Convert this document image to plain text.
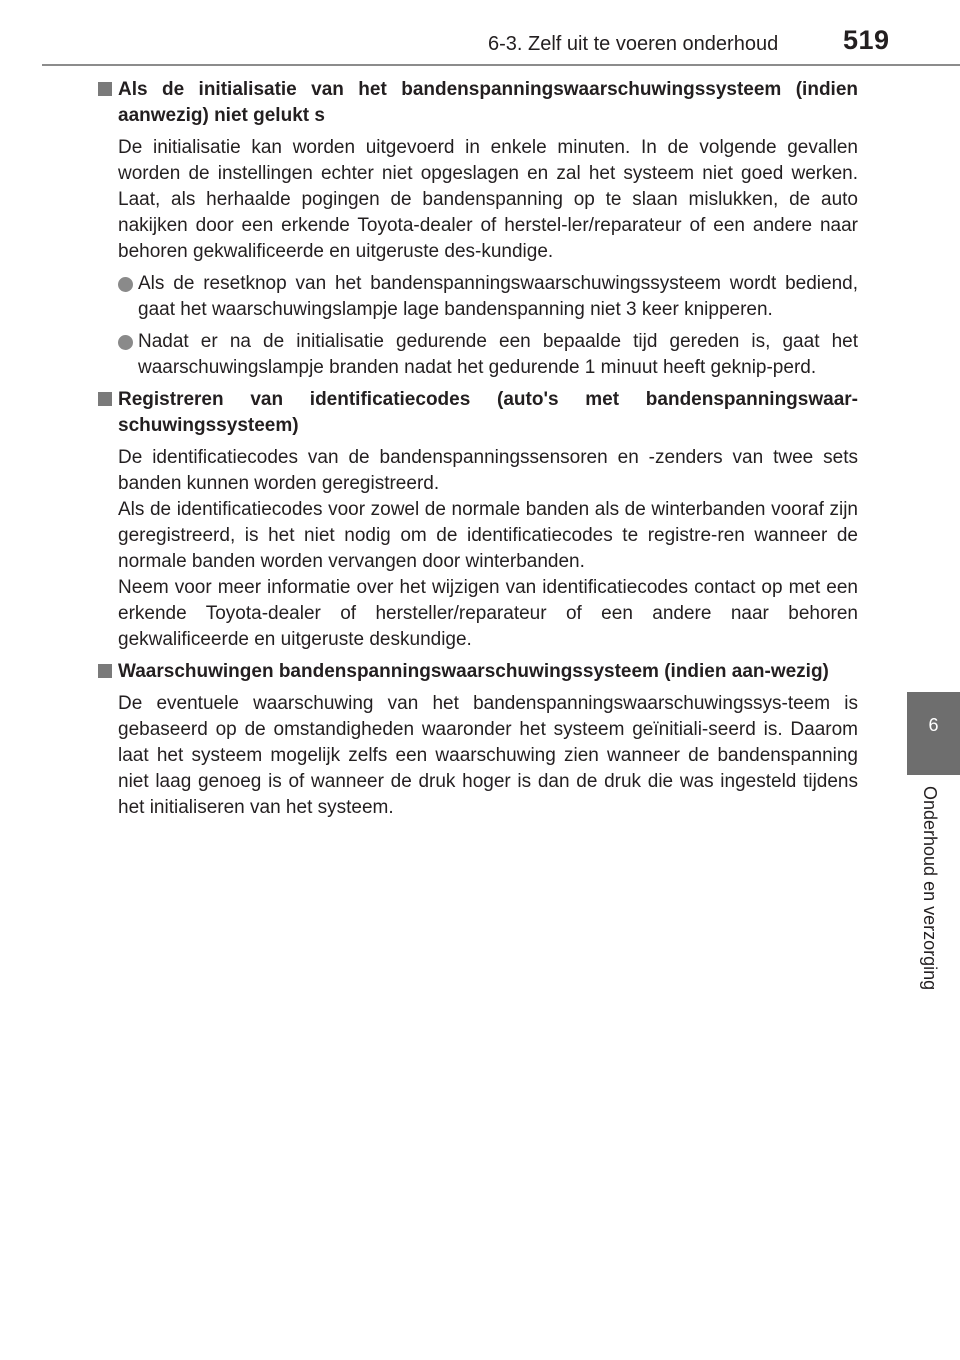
6-3. Zelf uit te voeren onderhoud 519
6
Onderhoud en verzorging
Als de initialisatie van het bandenspanningswaarschuwingssysteem (indien aanwezig) niet gelukt s

De initialisatie kan worden uitgevoerd in enkele minuten. In de volgende gevallen worden de instellingen echter niet opgeslagen en zal het systeem niet goed werken. Laat, als herhaalde pogingen de bandenspanning op te slaan mislukken, de auto nakijken door een erkende Toyota-dealer of herstel-ler/reparateur of een andere naar behoren gekwalificeerde en uitgeruste des-kundige.

Als de resetknop van het bandenspanningswaarschuwingssysteem wordt bediend, gaat het waarschuwingslampje lage bandenspanning niet 3 keer knipperen.
Nadat er na de initialisatie gedurende een bepaalde tijd gereden is, gaat het waarschuwingslampje branden nadat het gedurende 1 minuut heeft geknip-perd.
Registreren van identificatiecodes (auto's met bandenspanningswaar-schuwingssysteem)

De identificatiecodes van de bandenspanningssensoren en -zenders van twee sets banden kunnen worden geregistreerd.

Als de identificatiecodes voor zowel de normale banden als de winterbanden vooraf zijn geregistreerd, is het niet nodig om de identificatiecodes te registre-ren wanneer de normale banden worden vervangen door winterbanden.

Neem voor meer informatie over het wijzigen van identificatiecodes contact op met een erkende Toyota-dealer of hersteller/reparateur of een andere naar behoren gekwalificeerde en uitgeruste deskundige.

Waarschuwingen bandenspanningswaarschuwingssysteem (indien aan-wezig)

De eventuele waarschuwing van het bandenspanningswaarschuwingssys-teem is gebaseerd op de omstandigheden waaronder het systeem geïnitiali-seerd is. Daarom laat het systeem mogelijk zelfs een waarschuwing zien wanneer de bandenspanning niet laag genoeg is of wanneer de druk hoger is dan de druk die was ingesteld tijdens het initialiseren van het systeem.
